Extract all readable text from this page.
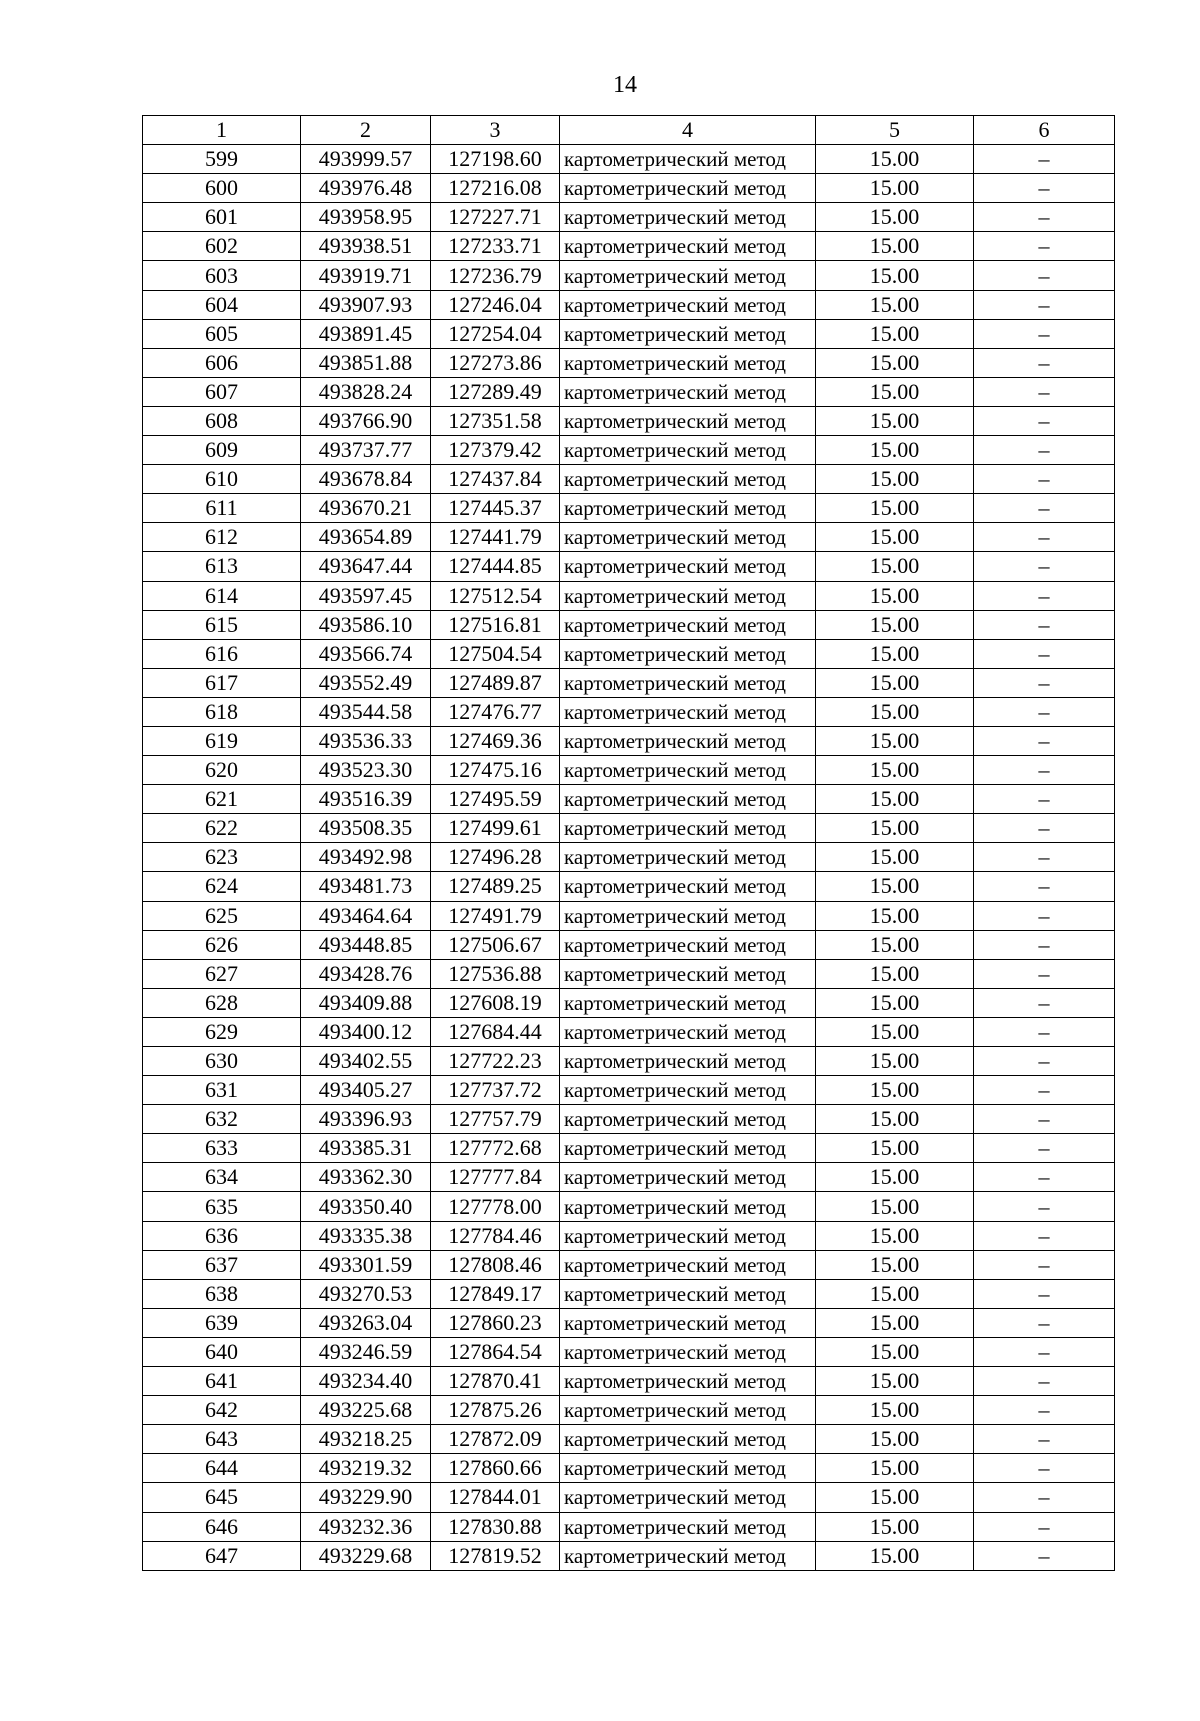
14
1	2	3	4	5	6
599	493999.57	127198.60	картометрический метод	15.00	–
600	493976.48	127216.08	картометрический метод	15.00	–
601	493958.95	127227.71	картометрический метод	15.00	–
602	493938.51	127233.71	картометрический метод	15.00	–
603	493919.71	127236.79	картометрический метод	15.00	–
604	493907.93	127246.04	картометрический метод	15.00	–
605	493891.45	127254.04	картометрический метод	15.00	–
606	493851.88	127273.86	картометрический метод	15.00	–
607	493828.24	127289.49	картометрический метод	15.00	–
608	493766.90	127351.58	картометрический метод	15.00	–
609	493737.77	127379.42	картометрический метод	15.00	–
610	493678.84	127437.84	картометрический метод	15.00	–
611	493670.21	127445.37	картометрический метод	15.00	–
612	493654.89	127441.79	картометрический метод	15.00	–
613	493647.44	127444.85	картометрический метод	15.00	–
614	493597.45	127512.54	картометрический метод	15.00	–
615	493586.10	127516.81	картометрический метод	15.00	–
616	493566.74	127504.54	картометрический метод	15.00	–
617	493552.49	127489.87	картометрический метод	15.00	–
618	493544.58	127476.77	картометрический метод	15.00	–
619	493536.33	127469.36	картометрический метод	15.00	–
620	493523.30	127475.16	картометрический метод	15.00	–
621	493516.39	127495.59	картометрический метод	15.00	–
622	493508.35	127499.61	картометрический метод	15.00	–
623	493492.98	127496.28	картометрический метод	15.00	–
624	493481.73	127489.25	картометрический метод	15.00	–
625	493464.64	127491.79	картометрический метод	15.00	–
626	493448.85	127506.67	картометрический метод	15.00	–
627	493428.76	127536.88	картометрический метод	15.00	–
628	493409.88	127608.19	картометрический метод	15.00	–
629	493400.12	127684.44	картометрический метод	15.00	–
630	493402.55	127722.23	картометрический метод	15.00	–
631	493405.27	127737.72	картометрический метод	15.00	–
632	493396.93	127757.79	картометрический метод	15.00	–
633	493385.31	127772.68	картометрический метод	15.00	–
634	493362.30	127777.84	картометрический метод	15.00	–
635	493350.40	127778.00	картометрический метод	15.00	–
636	493335.38	127784.46	картометрический метод	15.00	–
637	493301.59	127808.46	картометрический метод	15.00	–
638	493270.53	127849.17	картометрический метод	15.00	–
639	493263.04	127860.23	картометрический метод	15.00	–
640	493246.59	127864.54	картометрический метод	15.00	–
641	493234.40	127870.41	картометрический метод	15.00	–
642	493225.68	127875.26	картометрический метод	15.00	–
643	493218.25	127872.09	картометрический метод	15.00	–
644	493219.32	127860.66	картометрический метод	15.00	–
645	493229.90	127844.01	картометрический метод	15.00	–
646	493232.36	127830.88	картометрический метод	15.00	–
647	493229.68	127819.52	картометрический метод	15.00	–
